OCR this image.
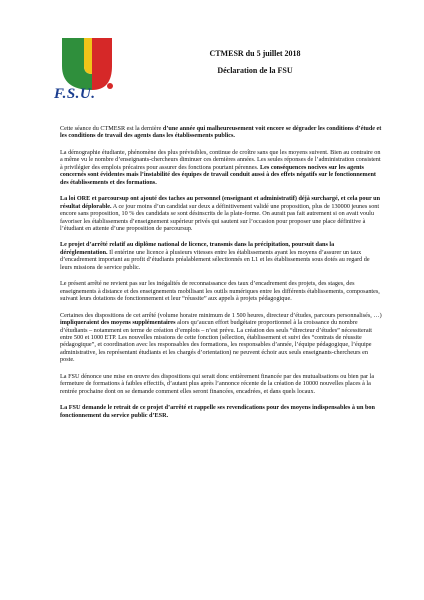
F.S.U.
CTMESR du 5 juillet 2018
Déclaration de la FSU

Cette séance du CTMESR est la dernière d’une année qui malheureusement voit encore se dégrader les conditions d’étude et les conditions de travail des agents dans les établissements publics.

La démographie étudiante, phénomène des plus prévisibles, continue de croître sans que les moyens suivent. Bien au contraire on a même vu le nombre d’enseignants-chercheurs diminuer ces dernières années. Les seules réponses de l’administration consistent à privilégier des emplois précaires pour assurer des fonctions pourtant pérennes. Les conséquences nocives sur les agents concernés sont évidentes mais l’instabilité des équipes de travail conduit aussi à des effets négatifs sur le fonctionnement des établissements et des formations.

La loi ORE et parcoursup ont ajouté des taches au personnel (enseignant et administratif) déjà surchargé, et cela pour un résultat déplorable. A ce jour moins d’un candidat sur deux a définitivement validé une proposition, plus de 130000 jeunes sont encore sans proposition, 10 % des candidats se sont désinscrits de la plate-forme. On aurait pas fait autrement si on avait voulu favoriser les établissements d’enseignement supérieur privés qui sautent sur l’occasion pour proposer une place définitive à l’étudiant en attente d’une proposition de parcoursup.

Le projet d’arrêté relatif au diplôme national de licence, transmis dans la précipitation, poursuit dans la déréglementation. Il entérine une licence à plusieurs vitesses entre les établissements ayant les moyens d’assurer un taux d’encadrement important au profit d’étudiants préalablement sélectionnés en L1 et les établissements sous dotés au regard de leurs missions de service public.

Le présent arrêté ne revient pas sur les inégalités de reconnaissance des taux d’encadrement des projets, des stages, des enseignements à distance et des enseignements mobilisant les outils numériques entre les différents établissements, composantes, suivant leurs dotations de fonctionnement et leur “réussite” aux appels à projets pédagogique.

Certaines des dispositions de cet arrêté (volume horaire minimum de 1 500 heures, directeur d’études, parcours personnalisés, …) impliqueraient des moyens supplémentaires alors qu’aucun effort budgétaire proportionnel à la croissance du nombre d’étudiants – notamment en terme de création d’emplois – n’est prévu. La création des seuls “directeur d’études” nécessiterait entre 500 et 1000 ETP. Les nouvelles missions de cette fonction (sélection, établissement et suivi des “contrats de réussite pédagogique”, et coordination avec les responsables des formations, les responsables d’année, l’équipe pédagogique, l’équipe administrative, les représentant étudiants et les chargés d’orientation) ne peuvent échoir aux seuls enseignants-chercheurs en poste.

La FSU dénonce une mise en œuvre des dispositions qui serait donc entièrement financée par des mutualisations ou bien par la fermeture de formations à faibles effectifs, d’autant plus après l’annonce récente de la création de 10000 nouvelles places à la rentrée prochaine dont on se demande comment elles seront financées, encadrées, et dans quels locaux.

La FSU demande le retrait de ce projet d’arrêté et rappelle ses revendications pour des moyens indispensables à un bon fonctionnement du service public d’ESR.
